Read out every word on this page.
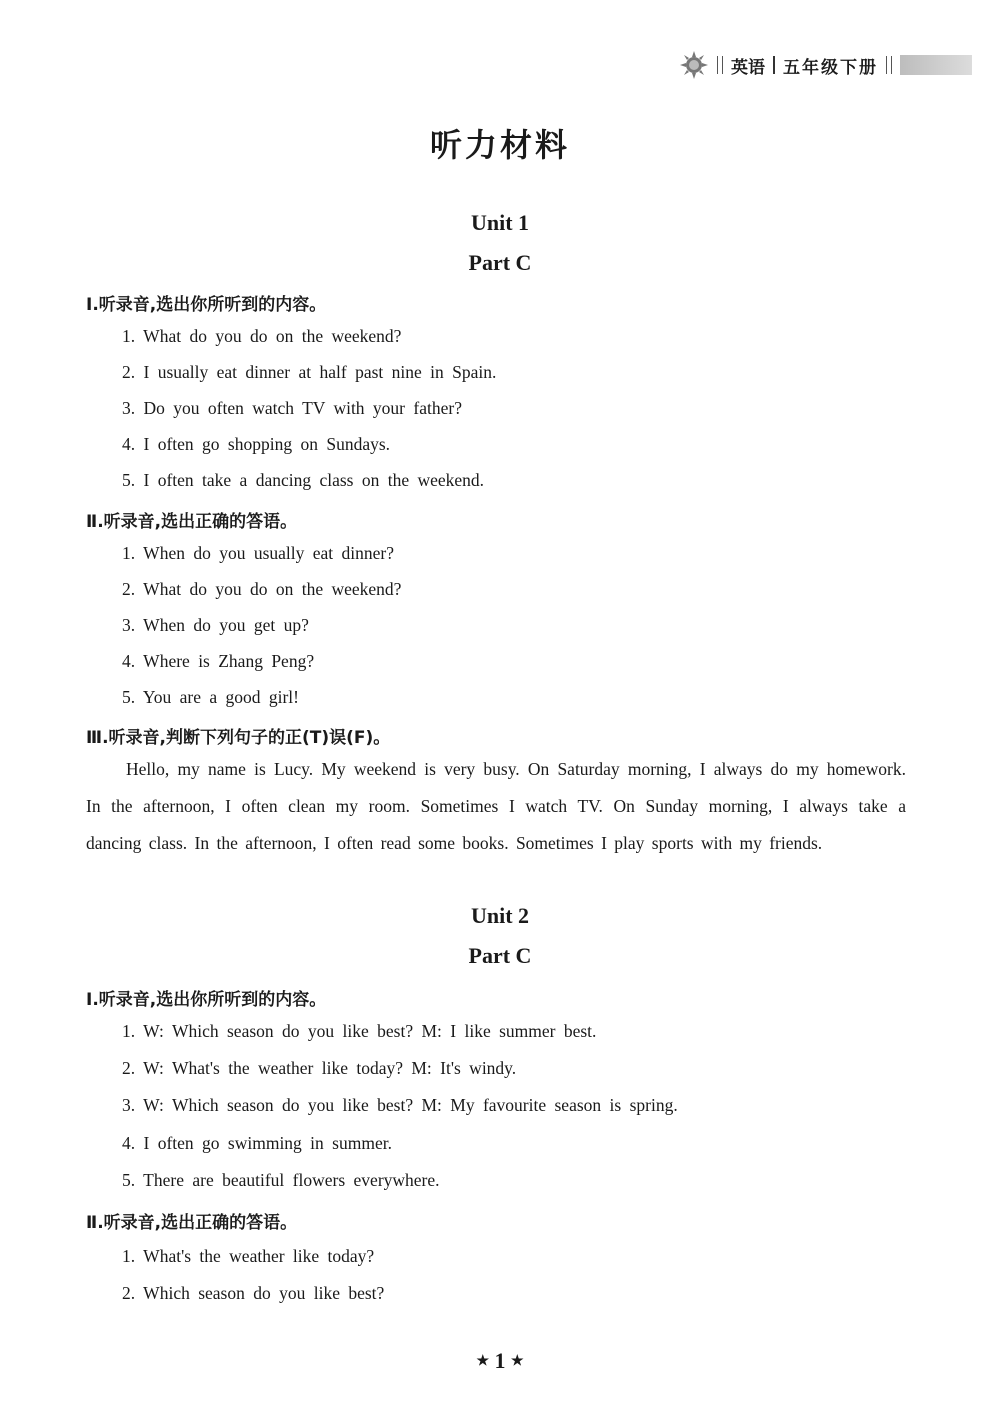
英语 五年级下册
听力材料
Unit 1
Part C
Ⅰ.听录音,选出你所听到的内容。
1. What do you do on the weekend?
2. I usually eat dinner at half past nine in Spain.
3. Do you often watch TV with your father?
4. I often go shopping on Sundays.
5. I often take a dancing class on the weekend.
Ⅱ.听录音,选出正确的答语。
1. When do you usually eat dinner?
2. What do you do on the weekend?
3. When do you get up?
4. Where is Zhang Peng?
5. You are a good girl!
Ⅲ.听录音,判断下列句子的正(T)误(F)。
Hello, my name is Lucy. My weekend is very busy. On Saturday morning, I always do my homework. In the afternoon, I often clean my room. Sometimes I watch TV. On Sunday morning, I always take a dancing class. In the afternoon, I often read some books. Sometimes I play sports with my friends.
Unit 2
Part C
Ⅰ.听录音,选出你所听到的内容。
1. W: Which season do you like best? M: I like summer best.
2. W: What's the weather like today? M: It's windy.
3. W: Which season do you like best? M: My favourite season is spring.
4. I often go swimming in summer.
5. There are beautiful flowers everywhere.
Ⅱ.听录音,选出正确的答语。
1. What's the weather like today?
2. Which season do you like best?
★ 1 ★
